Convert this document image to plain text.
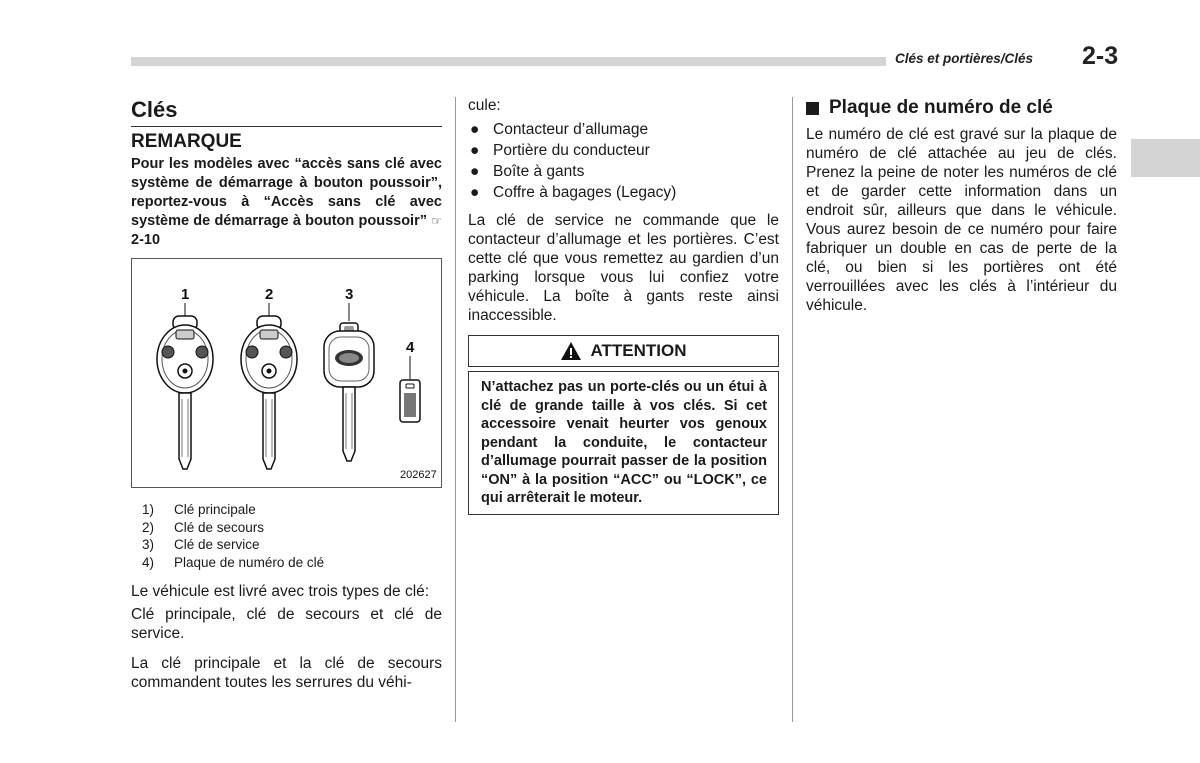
Clés et portières/Clés 2-3
Clés
REMARQUE

Pour les modèles avec “accès sans clé avec système de démarrage à bouton poussoir”, reportez-vous à “Accès sans clé avec système de démarrage à bouton poussoir” ☞2-10

1	2	3
4
202627
1)	Clé principale
2)	Clé de secours
3)	Clé de service
4)	Plaque de numéro de clé

Le véhicule est livré avec trois types de clé:

Clé principale, clé de secours et clé de service.

La clé principale et la clé de secours commandent toutes les serrures du véhi-

cule:

● Contacteur d’allumage
● Portière du conducteur
● Boîte à gants
● Coffre à bagages (Legacy)

La clé de service ne commande que le contacteur d’allumage et les portières. C’est cette clé que vous remettez au gardien d’un parking lorsque vous lui confiez votre véhicule. La boîte à gants reste ainsi inaccessible.

ATTENTION
N’attachez pas un porte-clés ou un étui à clé de grande taille à vos clés. Si cet accessoire venait heurter vos genoux pendant la conduite, le contacteur d’allumage pourrait passer de la position “ON” à la position “ACC” ou “LOCK”, ce qui arrêterait le moteur.
Plaque de numéro de clé

Le numéro de clé est gravé sur la plaque de numéro de clé attachée au jeu de clés. Prenez la peine de noter les numéros de clé et de garder cette information dans un endroit sûr, ailleurs que dans le véhicule. Vous aurez besoin de ce numéro pour faire fabriquer un double en cas de perte de la clé, ou bien si les portières ont été verrouillées avec les clés à l’intérieur du véhicule.
